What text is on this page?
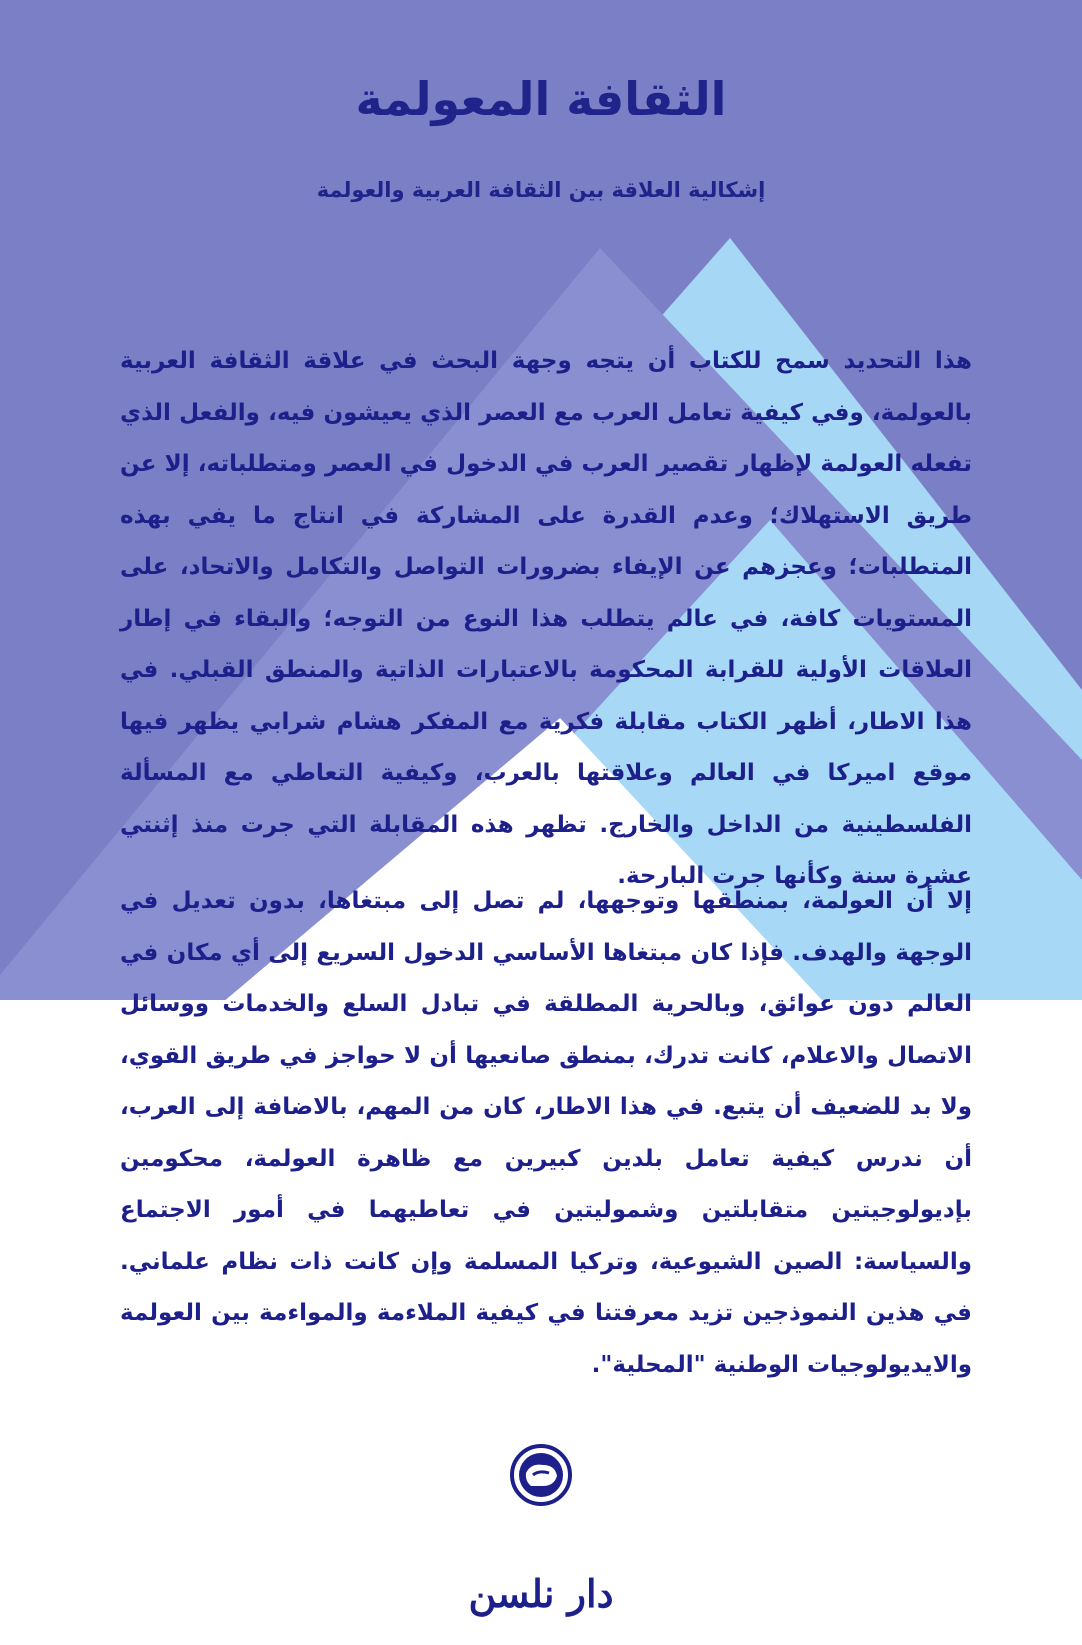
الثقافة المعولمة
إشكالية العلاقة بين الثقافة العربية والعولمة

هذا التحديد سمح للكتاب أن يتجه وجهة البحث في علاقة الثقافة العربية بالعولمة، وفي كيفية تعامل العرب مع العصر الذي يعيشون فيه، والفعل الذي تفعله العولمة لإظهار تقصير العرب في الدخول في العصر ومتطلباته، إلا عن طريق الاستهلاك؛ وعدم القدرة على المشاركة في انتاج ما يفي بهذه المتطلبات؛ وعجزهم عن الإيفاء بضرورات التواصل والتكامل والاتحاد، على المستويات كافة، في عالم يتطلب هذا النوع من التوجه؛ والبقاء في إطار العلاقات الأولية للقرابة المحكومة بالاعتبارات الذاتية والمنطق القبلي. في هذا الاطار، أظهر الكتاب مقابلة فكرية مع المفكر هشام شرابي يظهر فيها موقع اميركا في العالم وعلاقتها بالعرب، وكيفية التعاطي مع المسألة الفلسطينية من الداخل والخارج. تظهر هذه المقابلة التي جرت منذ إثنتي عشرة سنة وكأنها جرت البارحة.

إلا أن العولمة، بمنطقها وتوجهها، لم تصل إلى مبتغاها، بدون تعديل في الوجهة والهدف. فإذا كان مبتغاها الأساسي الدخول السريع إلى أي مكان في العالم دون عوائق، وبالحرية المطلقة في تبادل السلع والخدمات ووسائل الاتصال والاعلام، كانت تدرك، بمنطق صانعيها أن لا حواجز في طريق القوي، ولا بد للضعيف أن يتبع. في هذا الاطار، كان من المهم، بالاضافة إلى العرب، أن ندرس كيفية تعامل بلدين كبيرين مع ظاهرة العولمة، محكومين بإديولوجيتين متقابلتين وشموليتين في تعاطيهما في أمور الاجتماع والسياسة: الصين الشيوعية، وتركيا المسلمة وإن كانت ذات نظام علماني. في هذين النموذجين تزيد معرفتنا في كيفية الملاءمة والمواءمة بين العولمة والايديولوجيات الوطنية "المحلية".

دار نلسن
